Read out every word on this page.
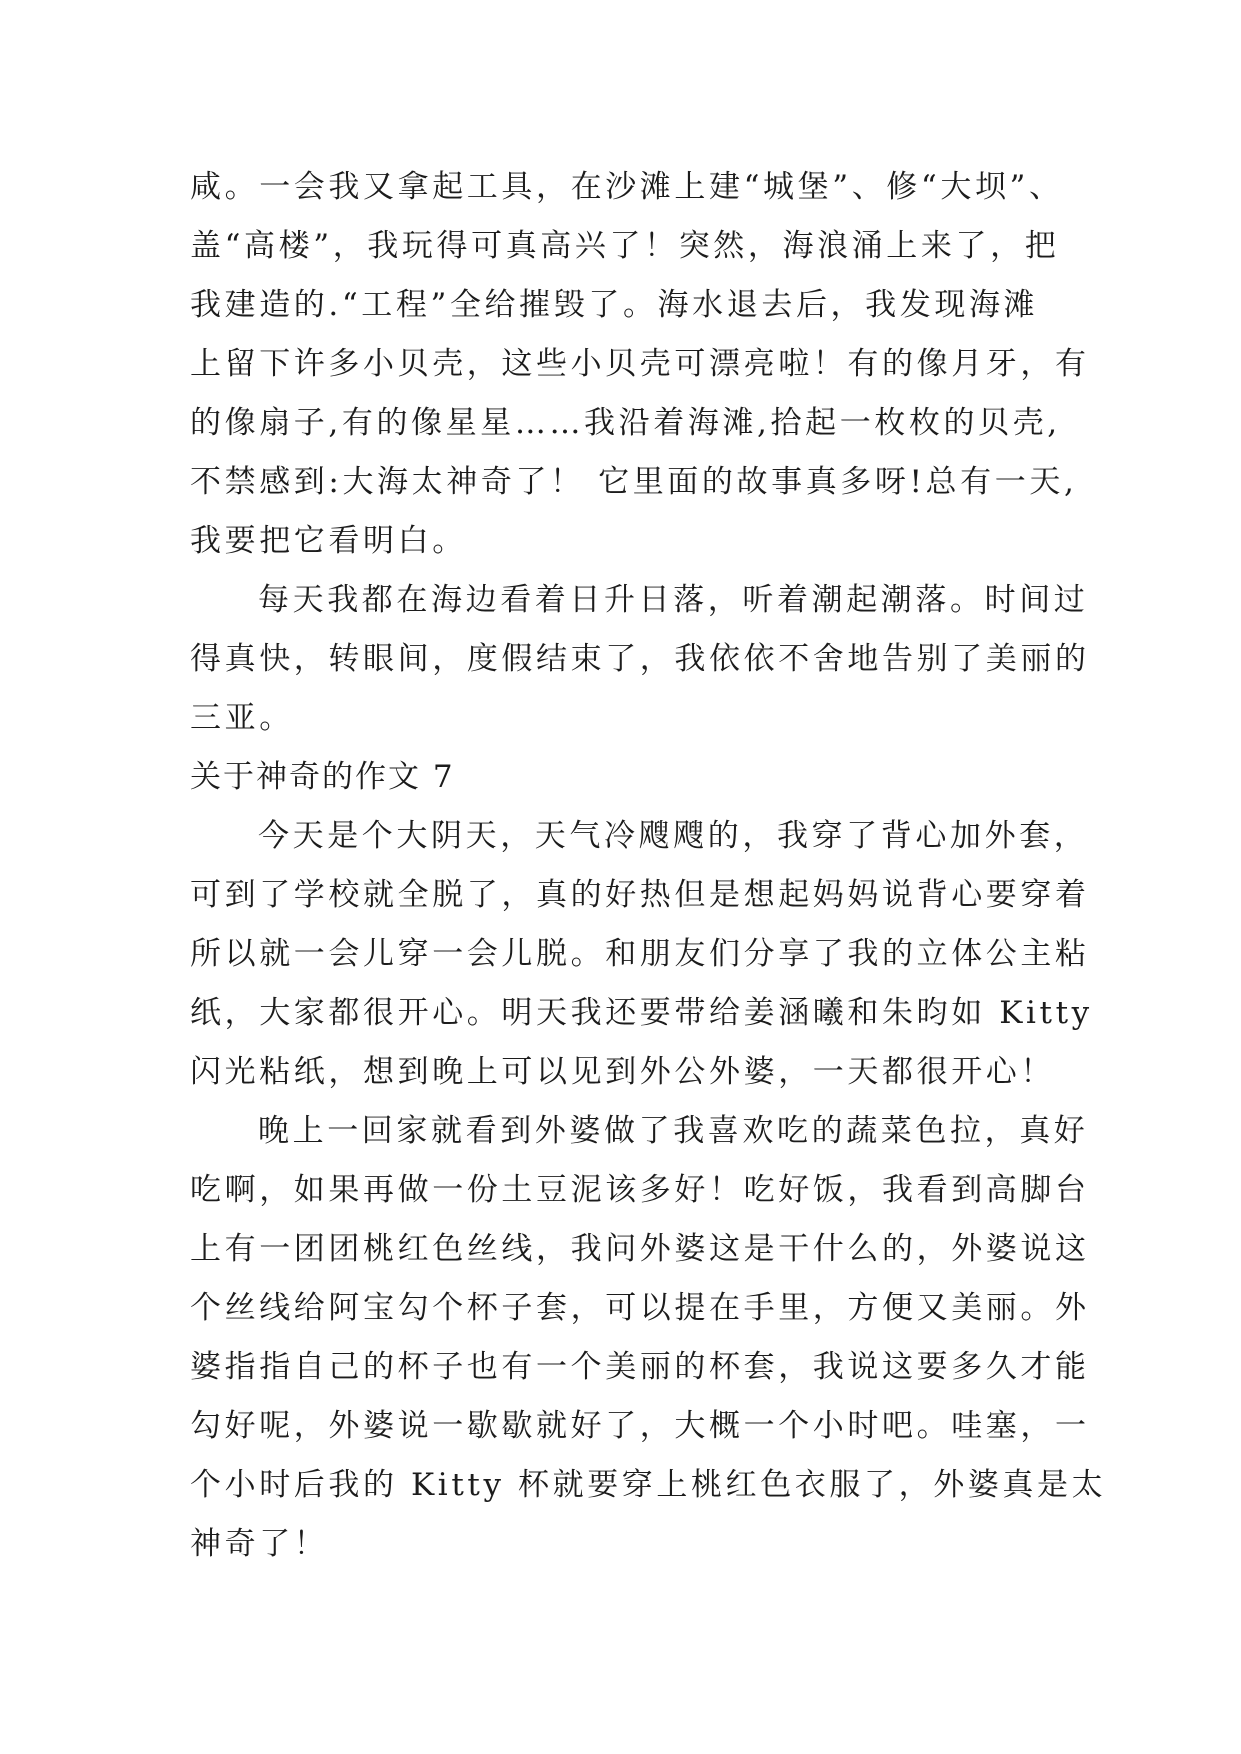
咸。一会我又拿起工具，在沙滩上建“城堡”、修“大坝”、
盖“高楼”，我玩得可真高兴了！突然，海浪涌上来了，把
我建造的.“工程”全给摧毁了。海水退去后，我发现海滩
上留下许多小贝壳，这些小贝壳可漂亮啦！有的像月牙，有
的像扇子,有的像星星……我沿着海滩,拾起一枚枚的贝壳,
不禁感到:大海太神奇了！ 它里面的故事真多呀!总有一天,
我要把它看明白。
每天我都在海边看着日升日落，听着潮起潮落。时间过
得真快，转眼间，度假结束了，我依依不舍地告别了美丽的
三亚。
关于神奇的作文 7
今天是个大阴天，天气冷飕飕的，我穿了背心加外套，
可到了学校就全脱了，真的好热但是想起妈妈说背心要穿着
所以就一会儿穿一会儿脱。和朋友们分享了我的立体公主粘
纸，大家都很开心。明天我还要带给姜涵曦和朱昀如 Kitty
闪光粘纸，想到晚上可以见到外公外婆，一天都很开心！
晚上一回家就看到外婆做了我喜欢吃的蔬菜色拉，真好
吃啊，如果再做一份土豆泥该多好！吃好饭，我看到高脚台
上有一团团桃红色丝线，我问外婆这是干什么的，外婆说这
个丝线给阿宝勾个杯子套，可以提在手里，方便又美丽。外
婆指指自己的杯子也有一个美丽的杯套，我说这要多久才能
勾好呢，外婆说一歇歇就好了，大概一个小时吧。哇塞，一
个小时后我的 Kitty 杯就要穿上桃红色衣服了，外婆真是太
神奇了！
